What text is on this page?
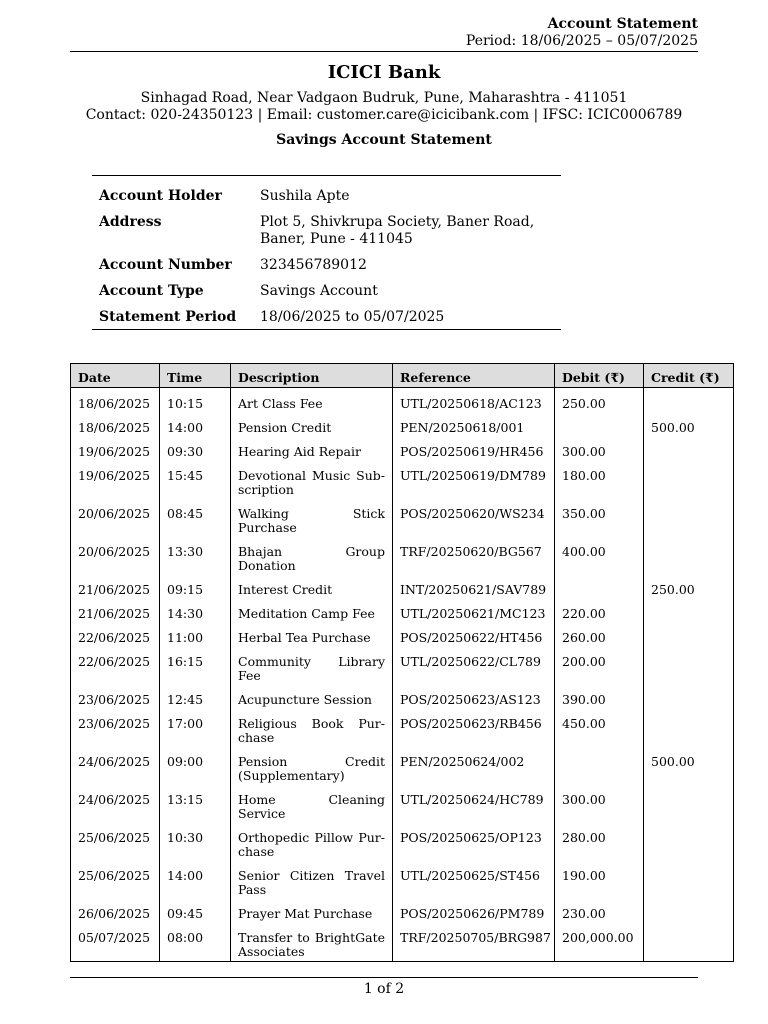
Account Statement
Period: 18/06/2025 – 05/07/2025
ICICI Bank
Sinhagad Road, Near Vadgaon Budruk, Pune, Maharashtra - 411051
Contact: 020-24350123 | Email: customer.care@icicibank.com | IFSC: ICIC0006789
Savings Account Statement
Account Holder	Sushila Apte
Address	Plot 5, Shivkrupa Society, Baner Road, Baner, Pune - 411045
Account Number	323456789012
Account Type	Savings Account
Statement Period	18/06/2025 to 05/07/2025
Date	Time	Description	Reference	Debit (₹)	Credit (₹)
18/06/2025	10:15	Art Class Fee	UTL/20250618/AC123	250.00	
18/06/2025	14:00	Pension Credit	PEN/20250618/001		500.00
19/06/2025	09:30	Hearing Aid Repair	POS/20250619/HR456	300.00	
19/06/2025	15:45	Devotional Music Subscription	UTL/20250619/DM789	180.00	
20/06/2025	08:45	Walking Stick Purchase	POS/20250620/WS234	350.00	
20/06/2025	13:30	Bhajan Group Donation	TRF/20250620/BG567	400.00	
21/06/2025	09:15	Interest Credit	INT/20250621/SAV789		250.00
21/06/2025	14:30	Meditation Camp Fee	UTL/20250621/MC123	220.00	
22/06/2025	11:00	Herbal Tea Purchase	POS/20250622/HT456	260.00	
22/06/2025	16:15	Community Library Fee	UTL/20250622/CL789	200.00	
23/06/2025	12:45	Acupuncture Session	POS/20250623/AS123	390.00	
23/06/2025	17:00	Religious Book Purchase	POS/20250623/RB456	450.00	
24/06/2025	09:00	Pension Credit (Supplementary)	PEN/20250624/002		500.00
24/06/2025	13:15	Home Cleaning Service	UTL/20250624/HC789	300.00	
25/06/2025	10:30	Orthopedic Pillow Purchase	POS/20250625/OP123	280.00	
25/06/2025	14:00	Senior Citizen Travel Pass	UTL/20250625/ST456	190.00	
26/06/2025	09:45	Prayer Mat Purchase	POS/20250626/PM789	230.00	
05/07/2025	08:00	Transfer to BrightGate Associates	TRF/20250705/BRG987	200,000.00	
1 of 2
